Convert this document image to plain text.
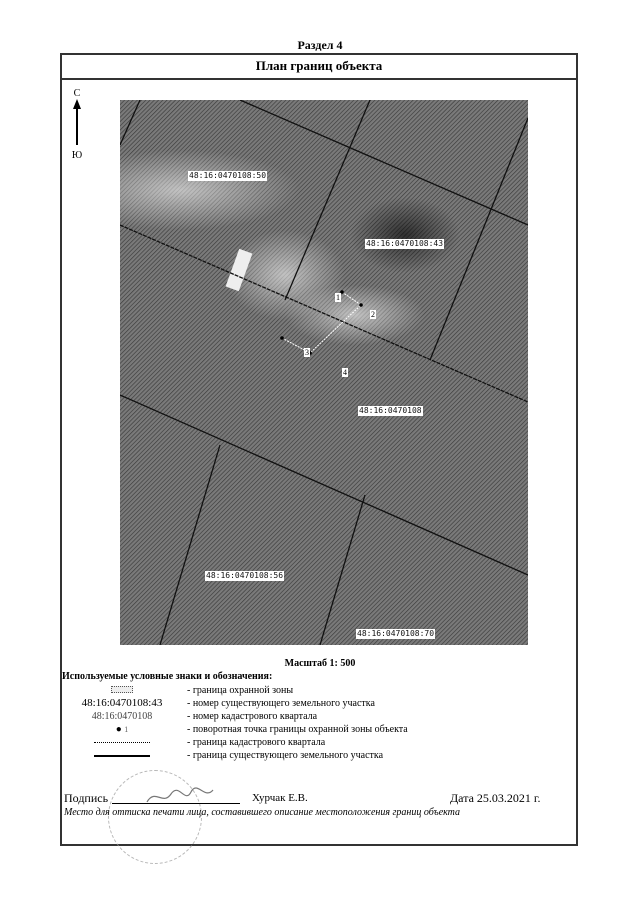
Раздел 4
План границ объекта
С
Ю
48:16:0470108:50
48:16:0470108:43
48:16:0470108:56
48:16:0470108:70
48:16:0470108
1
2
3
4
Масштаб 1: 500
Используемые условные знаки и обозначения:
- граница охранной зоны
48:16:0470108:43	- номер существующего земельного участка
48:16:0470108	- номер кадастрового квартала
● 1	- поворотная точка границы охранной зоны объекта
- граница кадастрового квартала
- граница существующего земельного участка
Подпись	Хурчак Е.В.	Дата 25.03.2021 г.
Место для оттиска печати лица, составившего описание местоположения границ объекта
